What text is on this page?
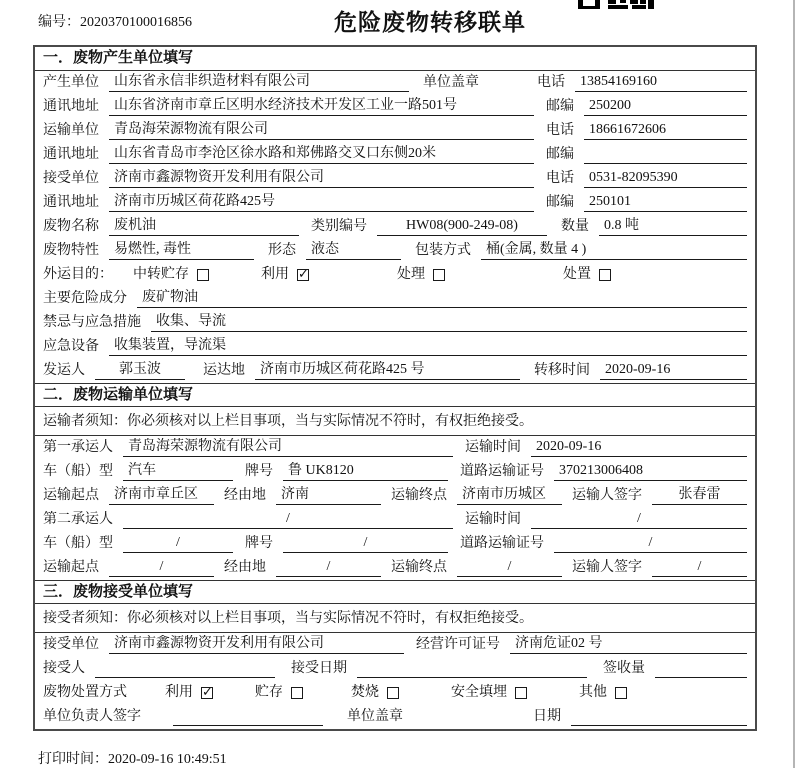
编号：2020370100016856	危险废物转移联单
一．废物产生单位填写
产生单位	山东省永信非织造材料有限公司	单位盖章	电话	13854169160
通讯地址	山东省济南市章丘区明水经济技术开发区工业一路501号	邮编	250200
运输单位	青岛海荣源物流有限公司	电话	18661672606
通讯地址	山东省青岛市李沧区徐水路和郑佛路交叉口东侧20米	邮编
接受单位	济南市鑫源物资开发利用有限公司	电话	0531-82095390
通讯地址	济南市历城区荷花路425号	邮编	250101
废物名称	废机油	类别编号	HW08(900-249-08)	数量	0.8 吨
废物特性	易燃性, 毒性	形态	液态	包装方式	桶(金属, 数量 4 )
外运目的： 中转贮存	利用 ✓	处理	处置
主要危险成分	废矿物油
禁忌与应急措施	收集、导流
应急设备	收集装置，导流渠
发运人	郭玉波	运达地	济南市历城区荷花路425 号	转移时间	2020-09-16
二．废物运输单位填写
运输者须知：你必须核对以上栏目事项，当与实际情况不符时，有权拒绝接受。
第一承运人	青岛海荣源物流有限公司	运输时间	2020-09-16
车（船）型	汽车	牌号	鲁 UK8120	道路运输证号	370213006408
运输起点	济南市章丘区	经由地	济南	运输终点	济南市历城区	运输人签字	张春雷
第二承运人	/	运输时间	/
车（船）型	/	牌号	/	道路运输证号	/
运输起点	/	经由地	/	运输终点	/	运输人签字	/
三．废物接受单位填写
接受者须知：你必须核对以上栏目事项，当与实际情况不符时，有权拒绝接受。
接受单位	济南市鑫源物资开发利用有限公司	经营许可证号	济南危证02 号
接受人	接受日期	签收量
废物处置方式	利用 ✓	贮存	焚烧	安全填埋	其他
单位负责人签字	单位盖章	日期
打印时间：2020-09-16 10:49:51
